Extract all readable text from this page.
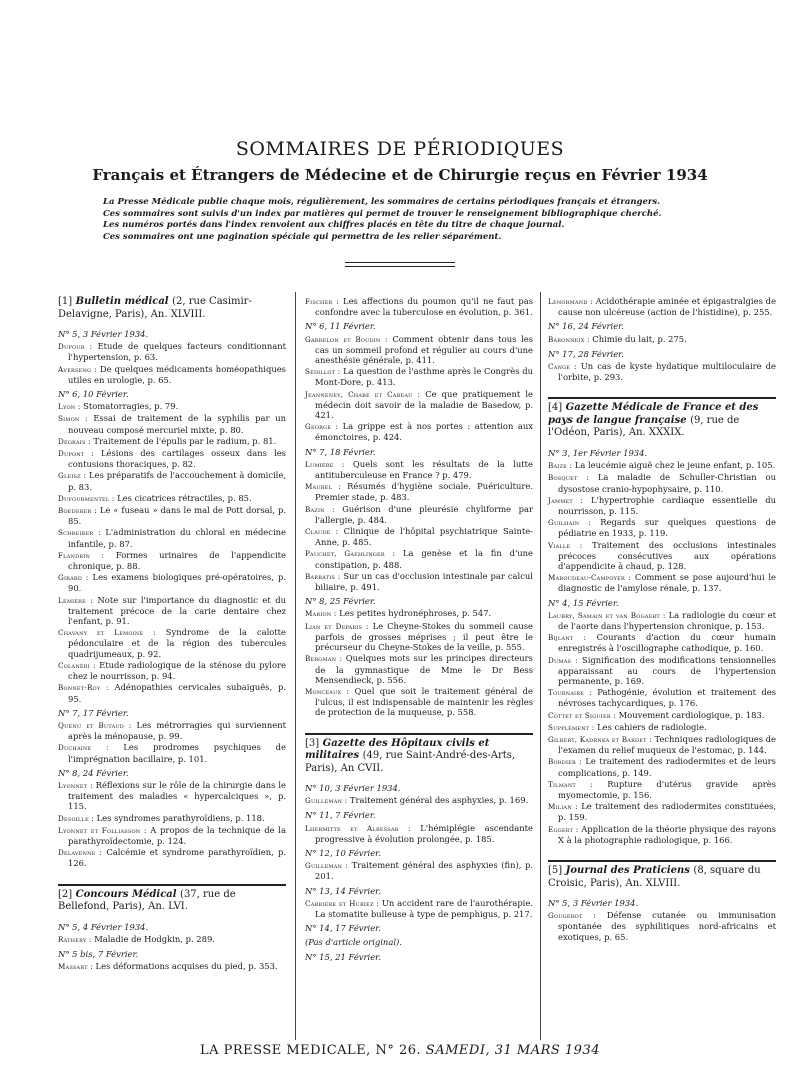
SOMMAIRES DE PÉRIODIQUES
Français et Étrangers de Médecine et de Chirurgie reçus en Février 1934
La Presse Médicale publie chaque mois, régulièrement, les sommaires de certains périodiques français et étrangers.
Ces sommaires sont suivis d'un index par matières qui permet de trouver le renseignement bibliographique cherché.
Les numéros portés dans l'index renvoient aux chiffres placés en tête du titre de chaque journal.
Ces sommaires ont une pagination spéciale qui permettra de les relier séparément.
[1] Bulletin médical (2, rue Casimir-Delavigne, Paris), An. XLVIII.
N° 5, 3 Février 1934.
Dupour : Etude de quelques facteurs conditionnant l'hypertension, p. 63.
Averseng : De quelques médicaments homéopathiques utiles en urologie, p. 65.
N° 6, 10 Février.
Lyon : Stomatorragies, p. 79.
Simon : Essai de traitement de la syphilis par un nouveau composé mercuriel mixte, p. 80.
Degrais : Traitement de l'épulis par le radium, p. 81.
Dupont : Lésions des cartilages osseux dans les contusions thoraciques, p. 82.
Gleisz : Les préparatifs de l'accouchement à domicile, p. 83.
Dufourmentel : Les cicatrices rétractiles, p. 85.
Boederer : Le « fuseau » dans le mal de Pott dorsal, p. 85.
Schreiber : L'administration du chloral en médecine infantile, p. 87.
Flandrin : Formes urinaires de l'appendicite chronique, p. 88.
Girard : Les examens biologiques pré-opératoires, p. 90.
Lemière : Note sur l'importance du diagnostic et du traitement précoce de la carie dentaire chez l'enfant, p. 91.
Chavany et Lemoine : Syndrome de la calotte pédonculaire et de la région des tubercules quadrijumeaux, p. 92.
Colanéri : Etude radiologique de la sténose du pylore chez le nourrisson, p. 94.
Bonnet-Roy : Adénopathies cervicales subaiguës, p. 95.
N° 7, 17 Février.
Quénu et Butaud : Les métrorragies qui surviennent après la ménopause, p. 99.
Duchaine : Les prodromes psychiques de l'imprégnation bacillaire, p. 101.
N° 8, 24 Février.
Lyonnet : Réflexions sur le rôle de la chirurgie dans le traitement des maladies « hypercalciques », p. 115.
Desoille : Les syndromes parathyroïdiens, p. 118.
Lyonnet et Folliasson : A propos de la technique de la parathyroïdectomie, p. 124.
Delavenne : Calcémie et syndrome parathyroïdien, p. 126.
[2] Concours Médical (37, rue de Bellefond, Paris), An. LVI.
N° 5, 4 Février 1934.
Rathery : Maladie de Hodgkin, p. 289.
N° 5 bis, 7 Février.
Massart : Les déformations acquises du pied, p. 353.
Fischer : Les affections du poumon qu'il ne faut pas confondre avec la tuberculose en évolution, p. 361.
N° 6, 11 Février.
Garrelon et Boudin : Comment obtenir dans tous les cas un sommeil profond et régulier au cours d'une anesthésie générale, p. 411.
Sédillot : La question de l'asthme après le Congrès du Mont-Dore, p. 413.
Jeanneney, Chabé et Cabeau : Ce que pratiquement le médecin doit savoir de la maladie de Basedow, p. 421.
George : La grippe est à nos portes : attention aux émonctoires, p. 424.
N° 7, 18 Février.
Lumière : Quels sont les résultats de la lutte antituberculeuse en France ? p. 479.
Maurel : Résumés d'hygiène sociale. Puériculture. Premier stade, p. 483.
Bazin : Guérison d'une pleurésie chyliforme par l'allergie, p. 484.
Claude : Clinique de l'hôpital psychiatrique Sainte-Anne, p. 485.
Pauchet, Gaehlinger : La genèse et la fin d'une constipation, p. 488.
Barbatis : Sur un cas d'occlusion intestinale par calcul biliaire, p. 491.
N° 8, 25 Février.
Marion : Les petites hydronéphroses, p. 547.
Lian et Deparis : Le Cheyne-Stokes du sommeil cause parfois de grosses méprises ; il peut être le précurseur du Cheyne-Stokes de la veille, p. 555.
Bergman : Quelques mots sur les principes directeurs de la gymnastique de Mme le Dr Bess Mensendieck, p. 556.
Monceaux : Quel que soit le traitement général de l'ulcus, il est indispensable de maintenir les règles de protection de la muqueuse, p. 558.
[3] Gazette des Hôpitaux civils et militaires (49, rue Saint-André-des-Arts, Paris), An CVII.
N° 10, 3 Février 1934.
Guilleman : Traitement général des asphyxies, p. 169.
N° 11, 7 Février.
Lhermitte et Albessar : L'hémiplégie ascendante progressive à évolution prolongée, p. 185.
N° 12, 10 Février.
Guilleman : Traitement général des asphyxies (fin), p. 201.
N° 13, 14 Février.
Carrière et Huriez : Un accident rare de l'aurothérapie. La stomatite bulleuse à type de pemphigus, p. 217.
N° 14, 17 Février.
(Pas d'article original).
N° 15, 21 Février.
Lenormand : Acidothérapie aminée et épigastralgies de cause non ulcéreuse (action de l'histidine), p. 255.
N° 16, 24 Février.
Baronneix : Chimie du lait, p. 275.
N° 17, 28 Février.
Cange : Un cas de kyste hydatique multiloculaire de l'orbite, p. 293.
[4] Gazette Médicale de France et des pays de langue française (9, rue de l'Odéon, Paris), An. XXXIX.
N° 3, 1er Février 1934.
Baize : La leucémie aiguë chez le jeune enfant, p. 105.
Bosquet : La maladie de Schuller-Christian ou dysostose cranio-hypophysaire, p. 110.
Jammet : L'hypertrophie cardiaque essentielle du nourrisson, p. 115.
Guilhain : Regards sur quelques questions de pédiatrie en 1933, p. 119.
Vialle : Traitement des occlusions intestinales précoces consécutives aux opérations d'appendicite à chaud, p. 128.
Maroudeau-Campoyer : Comment se pose aujourd'hui le diagnostic de l'amylose rénale, p. 137.
N° 4, 15 Février.
Laubry, Samain et van Bogaert : La radiologie du cœur et de l'aorte dans l'hypertension chronique, p. 153.
Bijlant : Courants d'action du cœur humain enregistrés à l'oscillographe cathodique, p. 160.
Dumas : Signification des modifications tensionnelles apparaissant au cours de l'hypertension permanente, p. 169.
Tournaire : Pathogénie, évolution et traitement des névroses tachycardiques, p. 176.
Cottet et Siguier : Mouvement cardiologique, p. 183.
Supplément : Les cahiers de radiologie.
Gilbert, Kadrnka et Bardet : Techniques radiologiques de l'examen du relief muqueux de l'estomac, p. 144.
Bordier : Le traitement des radiodermites et de leurs complications, p. 149.
Tilmant : Rupture d'utérus gravide après myomectomie, p. 156.
Milian : Le traitement des radiodermites constituées, p. 159.
Eggert : Application de la théorie physique des rayons X à la photographie radiologique, p. 166.
[5] Journal des Praticiens (8, square du Croisic, Paris), An. XLVIII.
N° 5, 3 Février 1934.
Gougerot : Défense cutanée ou immunisation spontanée des syphilitiques nord-africains et exotiques, p. 65.
LA PRESSE MEDICALE, N° 26. SAMEDI, 31 MARS 1934
